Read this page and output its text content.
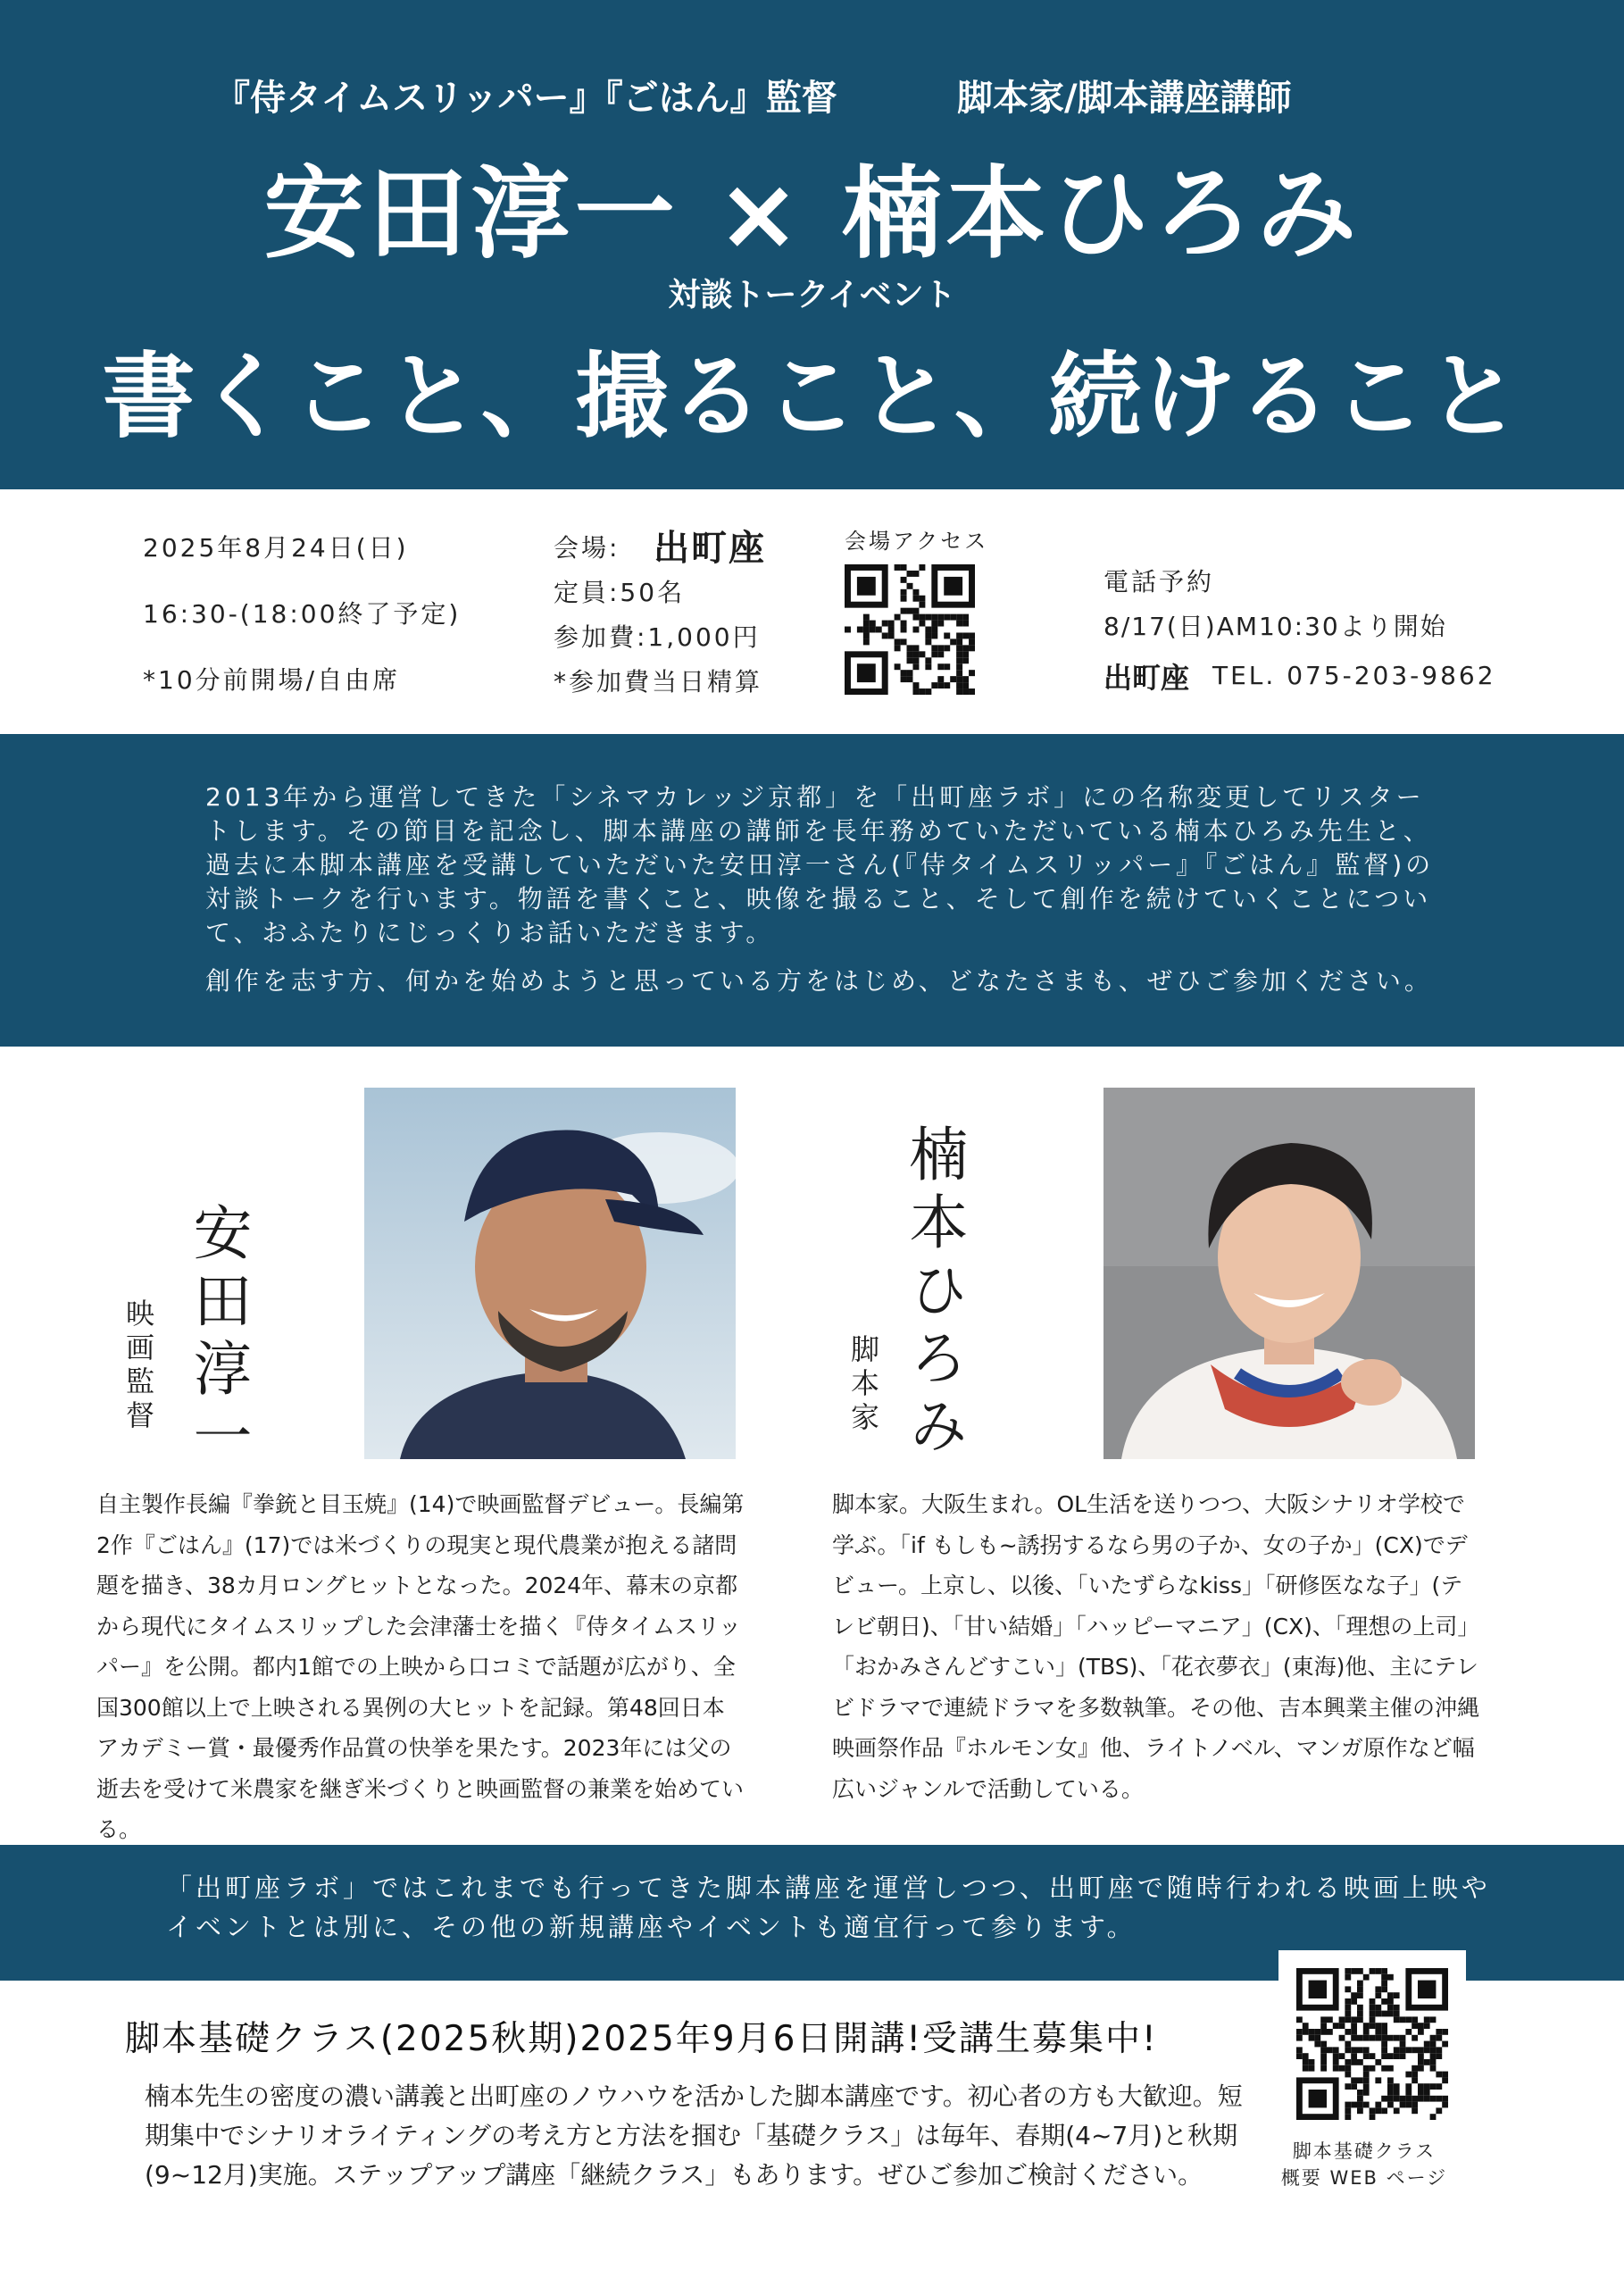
『侍タイムスリッパー』『ごはん』監督	脚本家/脚本講座講師
安田淳一 × 楠本ひろみ
対談トークイベント
書くこと、撮ること、続けること
2025年8月24日(日)
16:30-(18:00終了予定)
*10分前開場/自由席
会場: 出町座
定員:50名
参加費:1,000円
*参加費当日精算
会場アクセス
電話予約
8/17(日)AM10:30より開始
出町座 TEL. 075-203-9862
2013年から運営してきた「シネマカレッジ京都」を「出町座ラボ」にの名称変更してリスタートします。その節目を記念し、脚本講座の講師を長年務めていただいている楠本ひろみ先生と、過去に本脚本講座を受講していただいた安田淳一さん(『侍タイムスリッパー』『ごはん』監督)の対談トークを行います。物語を書くこと、映像を撮ること、そして創作を続けていくことについて、おふたりにじっくりお話いただきます。
創作を志す方、何かを始めようと思っている方をはじめ、どなたさまも、ぜひご参加ください。
安田淳一
映画監督
自主製作長編『拳銃と目玉焼』(14)で映画監督デビュー。長編第2作『ごはん』(17)では米づくりの現実と現代農業が抱える諸問題を描き、38カ月ロングヒットとなった。2024年、幕末の京都から現代にタイムスリップした会津藩士を描く『侍タイムスリッパー』を公開。都内1館での上映から口コミで話題が広がり、全国300館以上で上映される異例の大ヒットを記録。第48回日本アカデミー賞・最優秀作品賞の快挙を果たす。2023年には父の逝去を受けて米農家を継ぎ米づくりと映画監督の兼業を始めている。
楠本ひろみ
脚本家
脚本家。大阪生まれ。OL生活を送りつつ、大阪シナリオ学校で学ぶ。「if もしも~誘拐するなら男の子か、女の子か」(CX)でデビュー。上京し、以後、「いたずらなkiss」「研修医なな子」(テレビ朝日)、「甘い結婚」「ハッピーマニア」(CX)、「理想の上司」「おかみさんどすこい」(TBS)、「花衣夢衣」(東海)他、主にテレビドラマで連続ドラマを多数執筆。その他、吉本興業主催の沖縄映画祭作品『ホルモン女』他、ライトノベル、マンガ原作など幅広いジャンルで活動している。
「出町座ラボ」ではこれまでも行ってきた脚本講座を運営しつつ、出町座で随時行われる映画上映やイベントとは別に、その他の新規講座やイベントも適宜行って参ります。
脚本基礎クラス(2025秋期)2025年9月6日開講!受講生募集中!
楠本先生の密度の濃い講義と出町座のノウハウを活かした脚本講座です。初心者の方も大歓迎。短期集中でシナリオライティングの考え方と方法を掴む「基礎クラス」は毎年、春期(4~7月)と秋期(9~12月)実施。ステップアップ講座「継続クラス」もあります。ぜひご参加ご検討ください。
脚本基礎クラス
概要 WEB ページ
